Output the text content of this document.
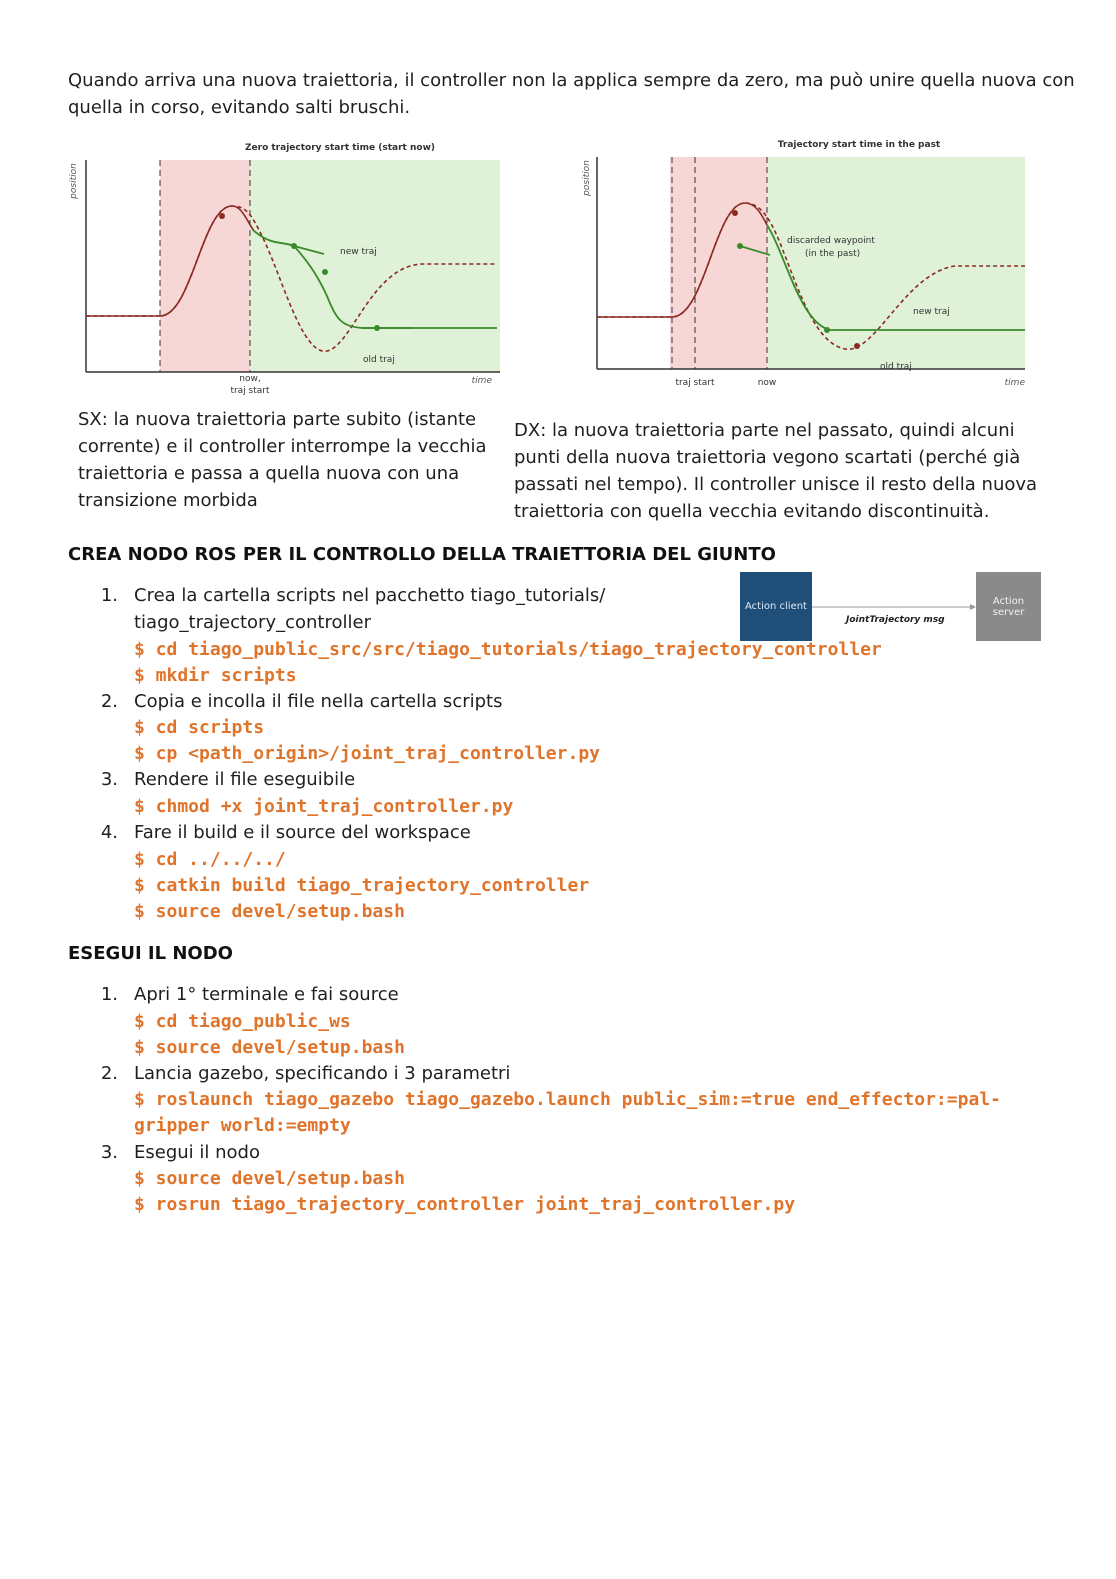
Quando arriva una nuova traiettoria, il controller non la applica sempre da zero, ma può unire quella nuova con
quella in corso, evitando salti bruschi.
Zero trajectory start time (start now)
position
time
new traj
old traj
now,
traj start
Trajectory start time in the past
position
time
discarded waypoint
(in the past)
new traj
old traj
traj start	now
SX: la nuova traiettoria parte subito (istante
corrente) e il controller interrompe la vecchia
traiettoria e passa a quella nuova con una
transizione morbida
DX: la nuova traiettoria parte nel passato, quindi alcuni
punti della nuova traiettoria vegono scartati (perché già
passati nel tempo). Il controller unisce il resto della nuova
traiettoria con quella vecchia evitando discontinuità.
CREA NODO ROS PER IL CONTROLLO DELLA TRAIETTORIA DEL GIUNTO
Action client	Action server
JointTrajectory msg
1. Crea la cartella scripts nel pacchetto tiago_tutorials/
tiago_trajectory_controller
$ cd tiago_public_src/src/tiago_tutorials/tiago_trajectory_controller
$ mkdir scripts
2. Copia e incolla il file nella cartella scripts
$ cd scripts
$ cp <path_origin>/joint_traj_controller.py
3. Rendere il file eseguibile
$ chmod +x joint_traj_controller.py
4. Fare il build e il source del workspace
$ cd ../../../
$ catkin build tiago_trajectory_controller
$ source devel/setup.bash
ESEGUI IL NODO
1. Apri 1° terminale e fai source
$ cd tiago_public_ws
$ source devel/setup.bash
2. Lancia gazebo, specificando i 3 parametri
$ roslaunch tiago_gazebo tiago_gazebo.launch public_sim:=true end_effector:=pal-
gripper world:=empty
3. Esegui il nodo
$ source devel/setup.bash
$ rosrun tiago_trajectory_controller joint_traj_controller.py
